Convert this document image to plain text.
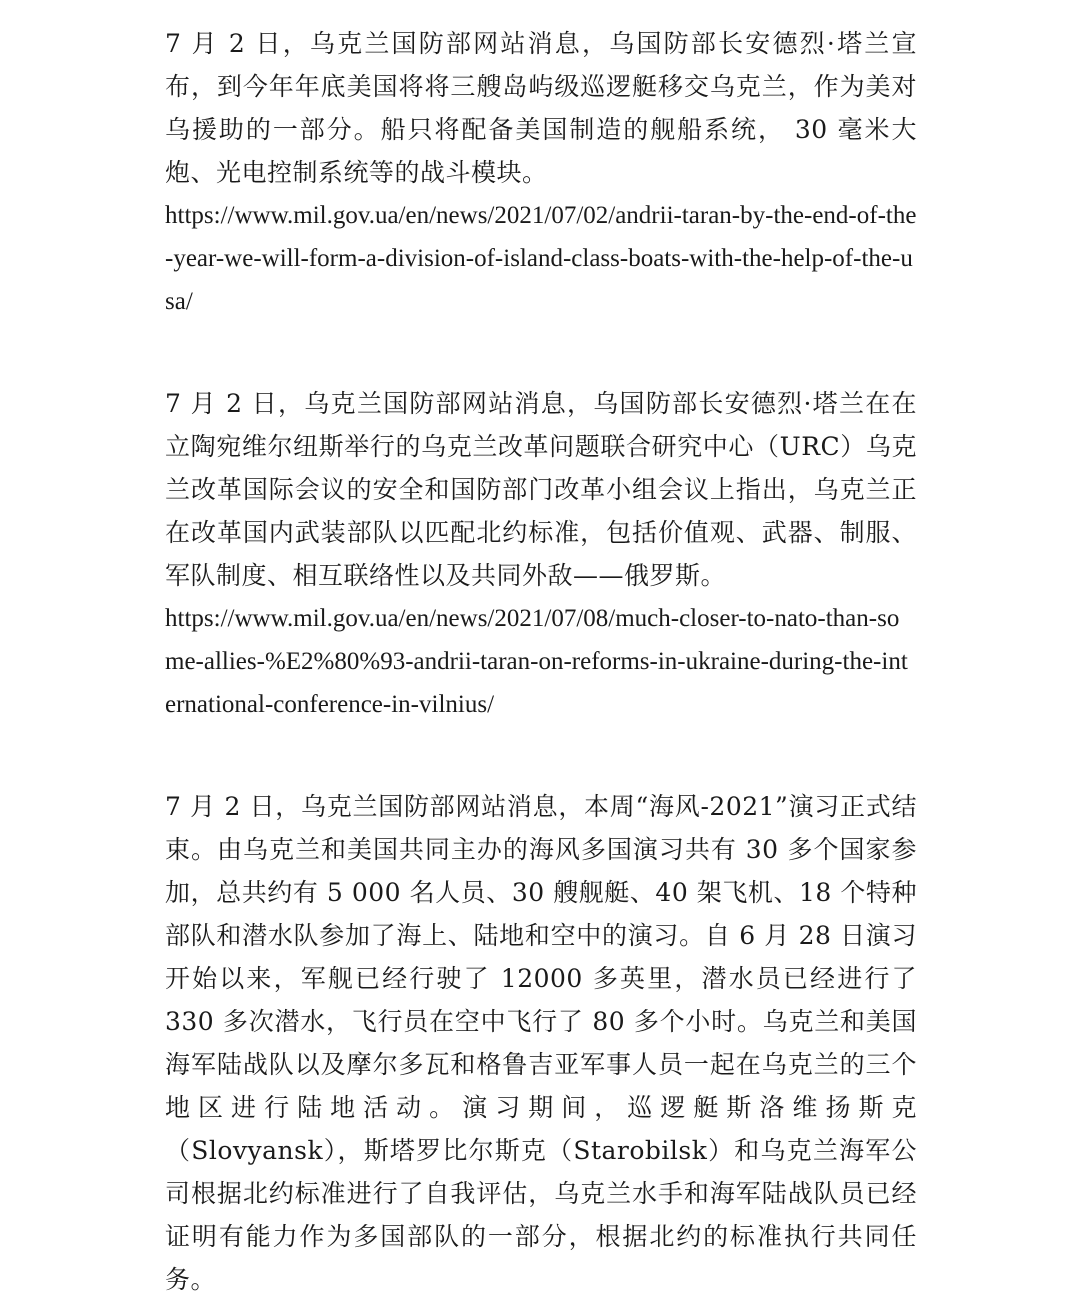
7 月 2 日，乌克兰国防部网站消息，乌国防部长安德烈·塔兰宣布，到今年年底美国将将三艘岛屿级巡逻艇移交乌克兰，作为美对乌援助的一部分。船只将配备美国制造的舰船系统， 30 毫米大炮、光电控制系统等的战斗模块。

https://www.mil.gov.ua/en/news/2021/07/02/andrii-taran-by-the-end-of-the-year-we-will-form-a-division-of-island-class-boats-with-the-help-of-the-usa/

7 月 2 日，乌克兰国防部网站消息，乌国防部长安德烈·塔兰在在立陶宛维尔纽斯举行的乌克兰改革问题联合研究中心（URC）乌克兰改革国际会议的安全和国防部门改革小组会议上指出，乌克兰正在改革国内武装部队以匹配北约标准，包括价值观、武器、制服、军队制度、相互联络性以及共同外敌——俄罗斯。

https://www.mil.gov.ua/en/news/2021/07/08/much-closer-to-nato-than-some-allies-%E2%80%93-andrii-taran-on-reforms-in-ukraine-during-the-international-conference-in-vilnius/

7 月 2 日，乌克兰国防部网站消息，本周“海风-2021”演习正式结束。由乌克兰和美国共同主办的海风多国演习共有 30 多个国家参加，总共约有 5 000 名人员、30 艘舰艇、40 架飞机、18 个特种部队和潜水队参加了海上、陆地和空中的演习。自 6 月 28 日演习开始以来，军舰已经行驶了 12000 多英里，潜水员已经进行了 330 多次潜水，飞行员在空中飞行了 80 多个小时。乌克兰和美国海军陆战队以及摩尔多瓦和格鲁吉亚军事人员一起在乌克兰的三个地区进行陆地活动。演习期间，巡逻艇斯洛维扬斯克（Slovyansk），斯塔罗比尔斯克（Starobilsk）和乌克兰海军公司根据北约标准进行了自我评估，乌克兰水手和海军陆战队员已经证明有能力作为多国部队的一部分，根据北约的标准执行共同任务。
